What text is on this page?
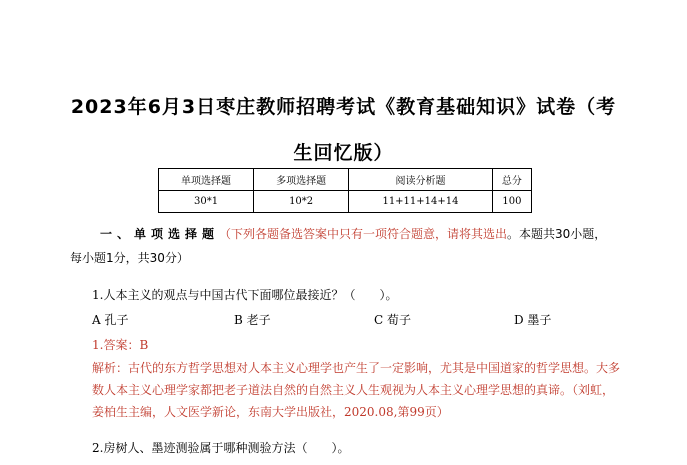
2023年6月3日枣庄教师招聘考试《教育基础知识》试卷（考
生回忆版）
单项选择题	多项选择题	阅读分析题	总分
30*1	10*2	11+11+14+14	100
一、单项选择题（下列各题备选答案中只有一项符合题意，请将其选出。本题共30小题，每小题1分，共30分）
1.人本主义的观点与中国古代下面哪位最接近？（　　）。
A 孔子	B 老子	C 荀子	D 墨子
1.答案：B
解析：古代的东方哲学思想对人本主义心理学也产生了一定影响，尤其是中国道家的哲学思想。大多数人本主义心理学家都把老子道法自然的自然主义人生观视为人本主义心理学思想的真谛。（刘虹，姜柏生主编，人文医学新论，东南大学出版社，2020.08,第99页）
2.房树人、墨迹测验属于哪种测验方法（　　）。
